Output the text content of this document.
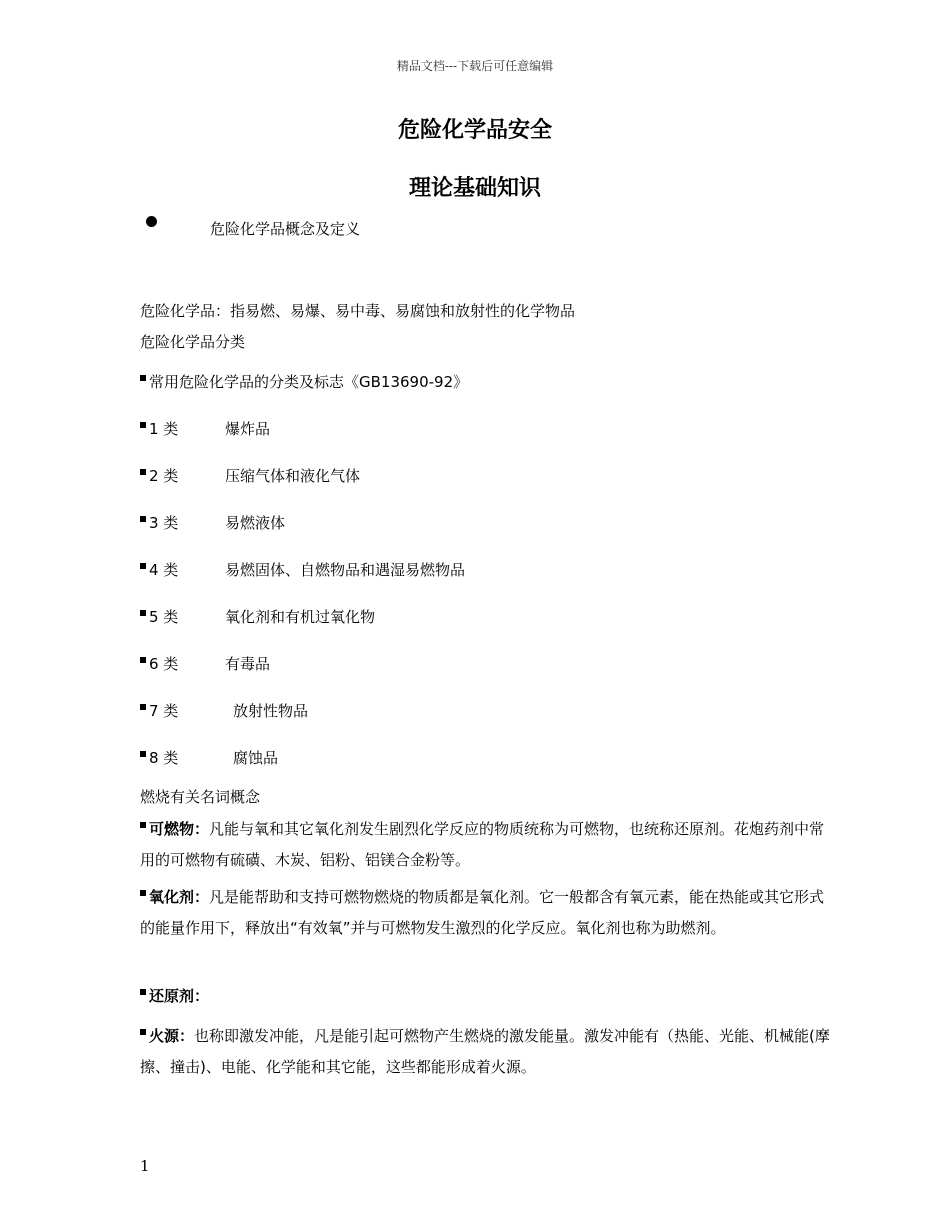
精品文档---下载后可任意编辑
危险化学品安全
理论基础知识
危险化学品概念及定义
危险化学品：指易燃、易爆、易中毒、易腐蚀和放射性的化学物品
危险化学品分类
常用危险化学品的分类及标志《GB13690-92》
1 类	爆炸品
2 类	压缩气体和液化气体
3 类	易燃液体
4 类	易燃固体、自燃物品和遇湿易燃物品
5 类	氧化剂和有机过氧化物
6 类	有毒品
7 类	放射性物品
8 类	腐蚀品
燃烧有关名词概念
可燃物：凡能与氧和其它氧化剂发生剧烈化学反应的物质统称为可燃物，也统称还原剂。花炮药剂中常用的可燃物有硫磺、木炭、铝粉、铝镁合金粉等。
氧化剂：凡是能帮助和支持可燃物燃烧的物质都是氧化剂。它一般都含有氧元素，能在热能或其它形式的能量作用下，释放出“有效氧”并与可燃物发生激烈的化学反应。氧化剂也称为助燃剂。
还原剂：
火源：也称即激发冲能，凡是能引起可燃物产生燃烧的激发能量。激发冲能有（热能、光能、机械能(摩擦、撞击)、电能、化学能和其它能，这些都能形成着火源。
1
